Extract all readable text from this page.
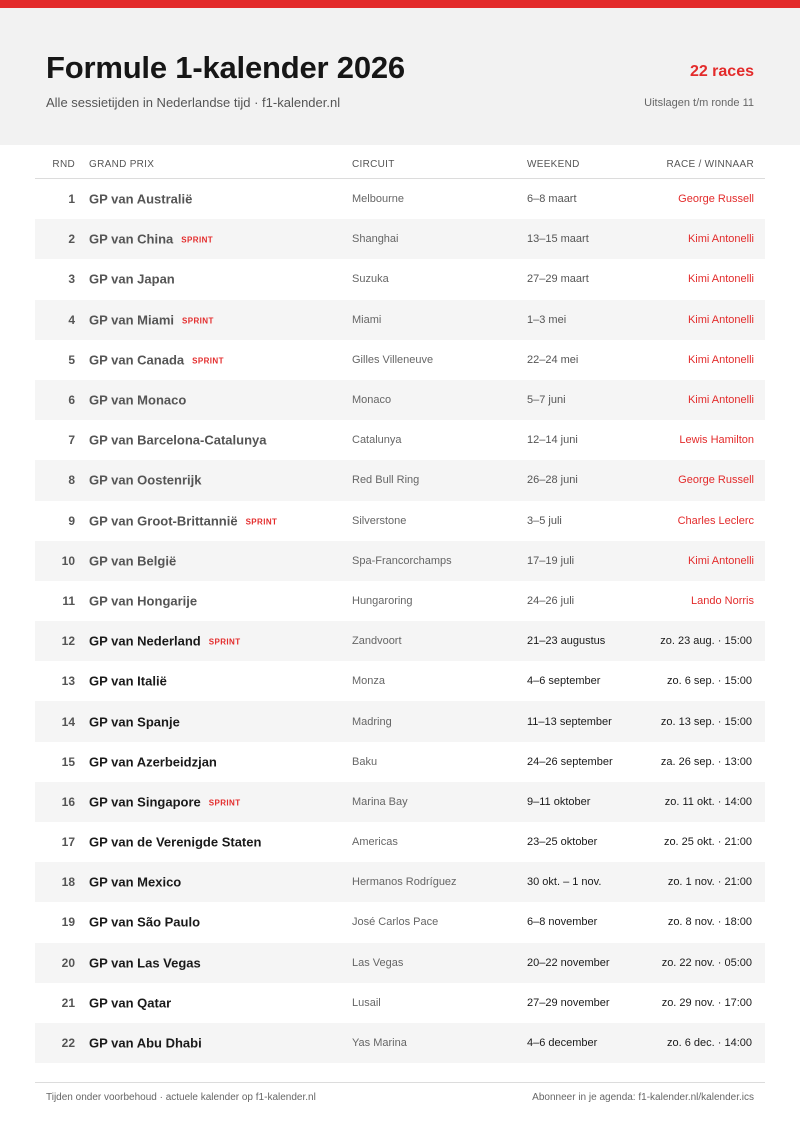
Formule 1-kalender 2026
Alle sessietijden in Nederlandse tijd · f1-kalender.nl
22 races
Uitslagen t/m ronde 11
RND GRAND PRIX	CIRCUIT	WEEKEND	RACE / WINNAAR
1 GP van Australië	Melbourne	6–8 maart	George Russell
2 GP van China SPRINT	Shanghai	13–15 maart	Kimi Antonelli
3 GP van Japan	Suzuka	27–29 maart	Kimi Antonelli
4 GP van Miami SPRINT	Miami	1–3 mei	Kimi Antonelli
5 GP van Canada SPRINT	Gilles Villeneuve	22–24 mei	Kimi Antonelli
6 GP van Monaco	Monaco	5–7 juni	Kimi Antonelli
7 GP van Barcelona-Catalunya	Catalunya	12–14 juni	Lewis Hamilton
8 GP van Oostenrijk	Red Bull Ring	26–28 juni	George Russell
9 GP van Groot-Brittannië SPRINT	Silverstone	3–5 juli	Charles Leclerc
10 GP van België	Spa-Francorchamps	17–19 juli	Kimi Antonelli
11 GP van Hongarije	Hungaroring	24–26 juli	Lando Norris
12 GP van Nederland SPRINT	Zandvoort	21–23 augustus	zo. 23 aug. · 15:00
13 GP van Italië	Monza	4–6 september	zo. 6 sep. · 15:00
14 GP van Spanje	Madring	11–13 september	zo. 13 sep. · 15:00
15 GP van Azerbeidzjan	Baku	24–26 september	za. 26 sep. · 13:00
16 GP van Singapore SPRINT	Marina Bay	9–11 oktober	zo. 11 okt. · 14:00
17 GP van de Verenigde Staten	Americas	23–25 oktober	zo. 25 okt. · 21:00
18 GP van Mexico	Hermanos Rodríguez	30 okt. – 1 nov.	zo. 1 nov. · 21:00
19 GP van São Paulo	José Carlos Pace	6–8 november	zo. 8 nov. · 18:00
20 GP van Las Vegas	Las Vegas	20–22 november	zo. 22 nov. · 05:00
21 GP van Qatar	Lusail	27–29 november	zo. 29 nov. · 17:00
22 GP van Abu Dhabi	Yas Marina	4–6 december	zo. 6 dec. · 14:00
Tijden onder voorbehoud · actuele kalender op f1-kalender.nl	Abonneer in je agenda: f1-kalender.nl/kalender.ics
